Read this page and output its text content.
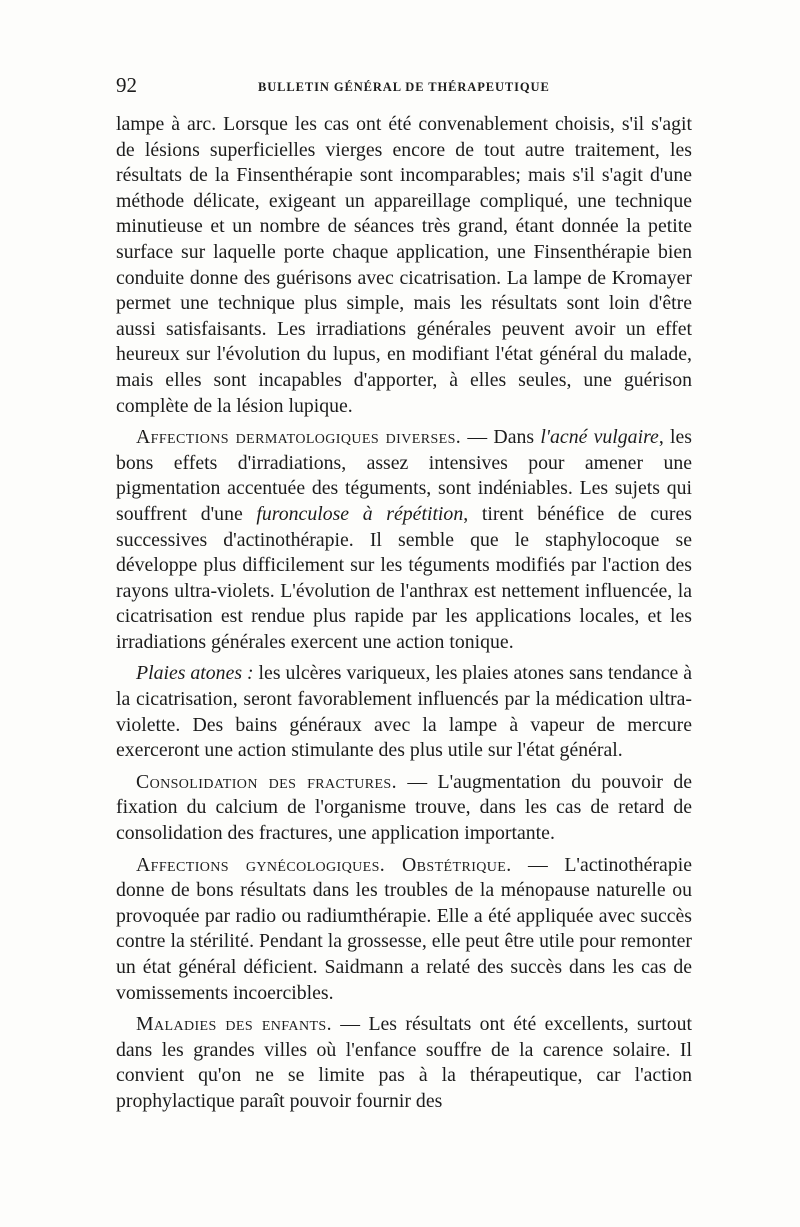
92	BULLETIN GÉNÉRAL DE THÉRAPEUTIQUE

lampe à arc. Lorsque les cas ont été convenablement choisis, s'il s'agit de lésions superficielles vierges encore de tout autre traitement, les résultats de la Finsenthérapie sont incomparables; mais s'il s'agit d'une méthode délicate, exigeant un appareillage compliqué, une technique minutieuse et un nombre de séances très grand, étant donnée la petite surface sur laquelle porte chaque application, une Finsenthérapie bien conduite donne des guérisons avec cicatrisation. La lampe de Kromayer permet une technique plus simple, mais les résultats sont loin d'être aussi satisfaisants. Les irradiations générales peuvent avoir un effet heureux sur l'évolution du lupus, en modifiant l'état général du malade, mais elles sont incapables d'apporter, à elles seules, une guérison complète de la lésion lupique.

Affections dermatologiques diverses. — Dans l'acné vulgaire, les bons effets d'irradiations, assez intensives pour amener une pigmentation accentuée des téguments, sont indéniables. Les sujets qui souffrent d'une furonculose à répétition, tirent bénéfice de cures successives d'actinothérapie. Il semble que le staphylocoque se développe plus difficilement sur les téguments modifiés par l'action des rayons ultra-violets. L'évolution de l'anthrax est nettement influencée, la cicatrisation est rendue plus rapide par les applications locales, et les irradiations générales exercent une action tonique.

Plaies atones : les ulcères variqueux, les plaies atones sans tendance à la cicatrisation, seront favorablement influencés par la médication ultra-violette. Des bains généraux avec la lampe à vapeur de mercure exerceront une action stimulante des plus utile sur l'état général.

Consolidation des fractures. — L'augmentation du pouvoir de fixation du calcium de l'organisme trouve, dans les cas de retard de consolidation des fractures, une application importante.

Affections gynécologiques. Obstétrique. — L'actinothérapie donne de bons résultats dans les troubles de la ménopause naturelle ou provoquée par radio ou radiumthérapie. Elle a été appliquée avec succès contre la stérilité. Pendant la grossesse, elle peut être utile pour remonter un état général déficient. Saidmann a relaté des succès dans les cas de vomissements incoercibles.

Maladies des enfants. — Les résultats ont été excellents, surtout dans les grandes villes où l'enfance souffre de la carence solaire. Il convient qu'on ne se limite pas à la thérapeutique, car l'action prophylactique paraît pouvoir fournir des
